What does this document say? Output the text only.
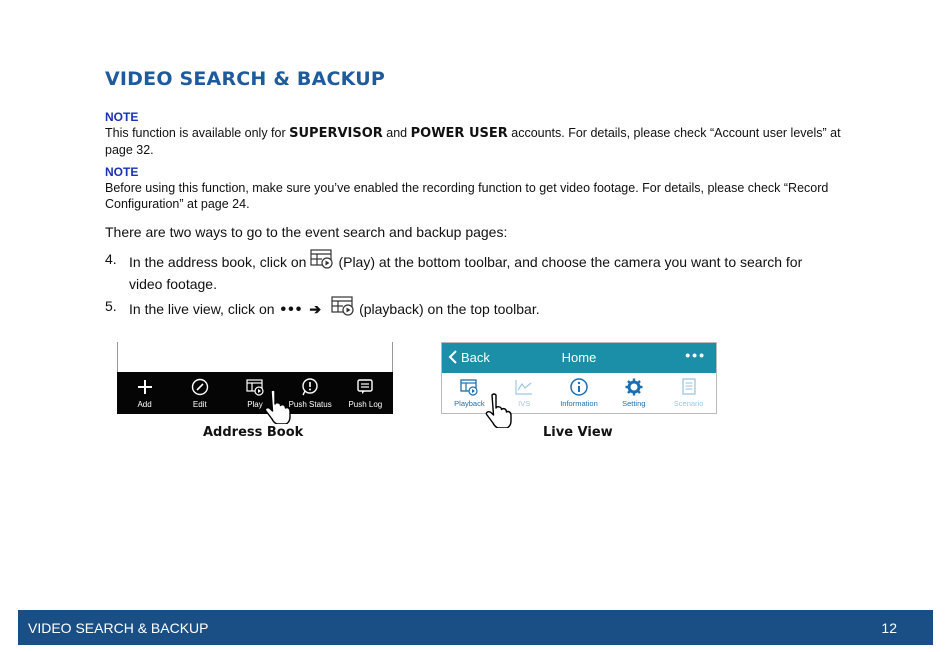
VIDEO SEARCH & BACKUP
NOTE
This function is available only for SUPERVISOR and POWER USER accounts. For details, please check “Account user levels” at page 32.
NOTE
Before using this function, make sure you’ve enabled the recording function to get video footage. For details, please check “Record Configuration” at page 24.
There are two ways to go to the event search and backup pages:
4. In the address book, click on (Play) at the bottom toolbar, and choose the camera you want to search for video footage.
5. In the live view, click on ••• ➔	(playback) on the top toolbar.
Add	Edit	Play	Push Status Push Log
Address Book
Back	Home	•••
Playback	IVS	Information	Setting	Scenario
Live View
VIDEO SEARCH & BACKUP	12
